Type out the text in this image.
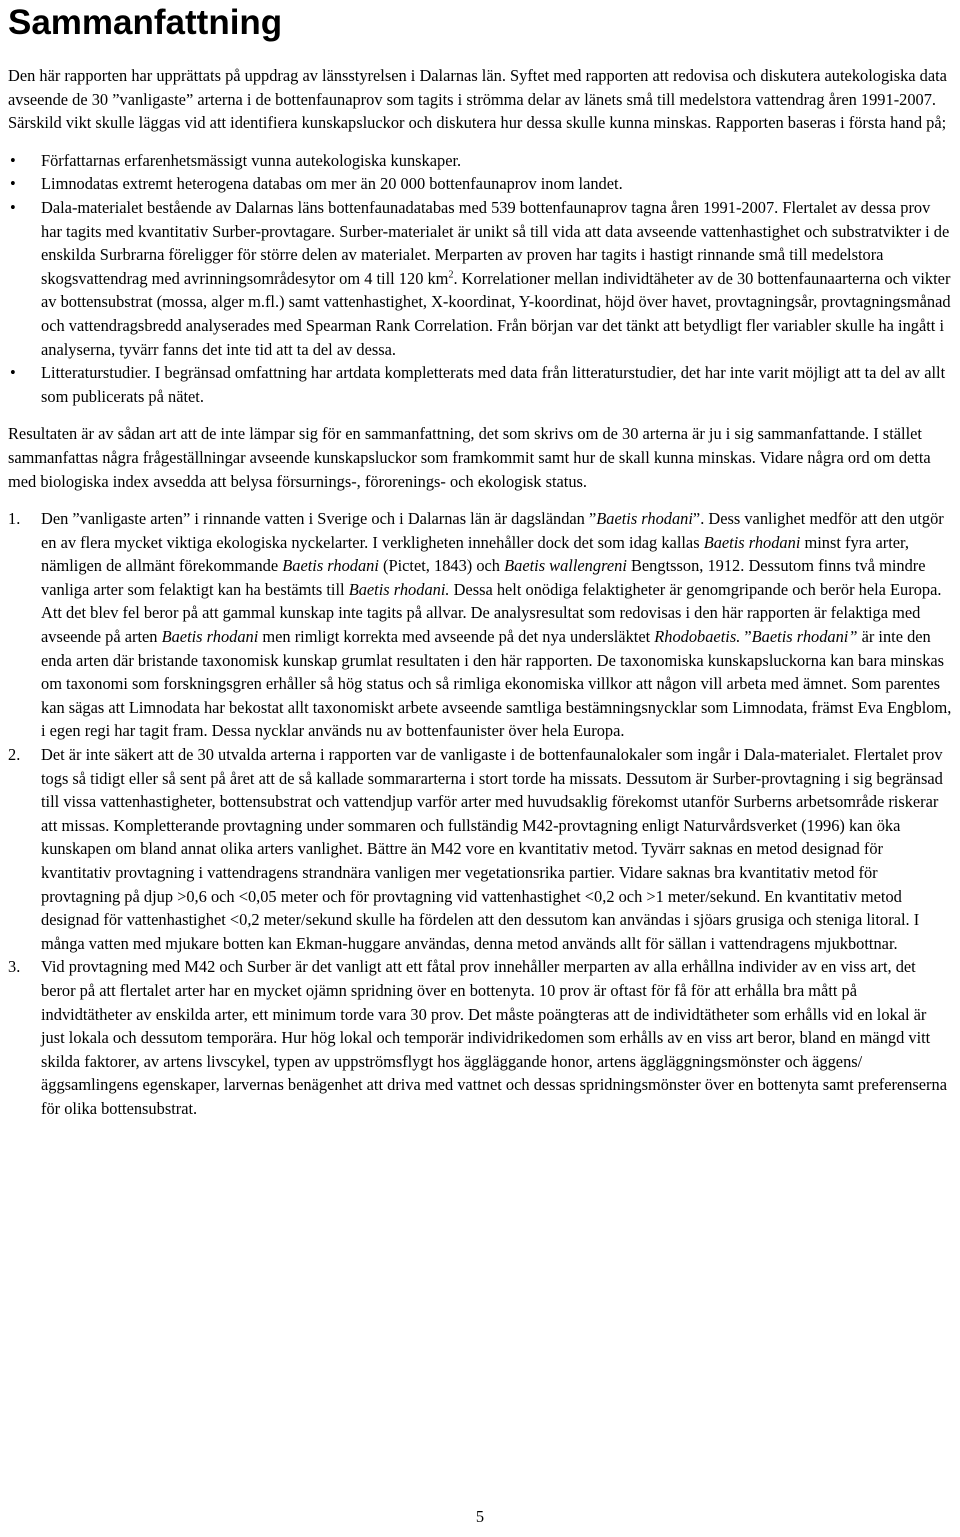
Sammanfattning

Den här rapporten har upprättats på uppdrag av länsstyrelsen i Dalarnas län. Syftet med rapporten att redovisa och diskutera autekologiska data avseende de 30 ”vanligaste” arterna i de bottenfaunaprov som tagits i strömma delar av länets små till medelstora vattendrag åren 1991-2007. Särskild vikt skulle läggas vid att identifiera kunskapsluckor och diskutera hur dessa skulle kunna minskas. Rapporten baseras i första hand på;

• Författarnas erfarenhetsmässigt vunna autekologiska kunskaper.
• Limnodatas extremt heterogena databas om mer än 20 000 bottenfaunaprov inom landet.
• Dala-materialet bestående av Dalarnas läns bottenfaunadatabas med 539 bottenfaunaprov tagna åren 1991-2007. Flertalet av dessa prov har tagits med kvantitativ Surber-provtagare. Surber-materialet är unikt så till vida att data avseende vattenhastighet och substratvikter i de enskilda Surbrarna föreligger för större delen av materialet. Merparten av proven har tagits i hastigt rinnande små till medelstora skogsvattendrag med avrinningsområdesytor om 4 till 120 $km^2$. Korrelationer mellan individtäheter av de 30 bottenfaunaarterna och vikter av bottensubstrat (mossa, alger m.fl.) samt vattenhastighet, X-koordinat, Y-koordinat, höjd över havet, provtagningsår, provtagningsmånad och vattendragsbredd analyserades med Spearman Rank Correlation. Från början var det tänkt att betydligt fler variabler skulle ha ingått i analyserna, tyvärr fanns det inte tid att ta del av dessa.
• Litteraturstudier. I begränsad omfattning har artdata kompletterats med data från litteraturstudier, det har inte varit möjligt att ta del av allt som publicerats på nätet.

Resultaten är av sådan art att de inte lämpar sig för en sammanfattning, det som skrivs om de 30 arterna är ju i sig sammanfattande. I stället sammanfattas några frågeställningar avseende kunskapsluckor som framkommit samt hur de skall kunna minskas. Vidare några ord om detta med biologiska index avsedda att belysa försurnings-, förorenings- och ekologisk status.

1. Den ”vanligaste arten” i rinnande vatten i Sverige och i Dalarnas län är dagsländan ”Baetis rhodani”. Dess vanlighet medför att den utgör en av flera mycket viktiga ekologiska nyckelarter. I verkligheten innehåller dock det som idag kallas Baetis rhodani minst fyra arter, nämligen de allmänt förekommande Baetis rhodani (Pictet, 1843) och Baetis wallengreni Bengtsson, 1912. Dessutom finns två mindre vanliga arter som felaktigt kan ha bestämts till Baetis rhodani. Dessa helt onödiga felaktigheter är genomgripande och berör hela Europa. Att det blev fel beror på att gammal kunskap inte tagits på allvar. De analysresultat som redovisas i den här rapporten är felaktiga med avseende på arten Baetis rhodani men rimligt korrekta med avseende på det nya undersläktet Rhodobaetis. ”Baetis rhodani” är inte den enda arten där bristande taxonomisk kunskap grumlat resultaten i den här rapporten. De taxonomiska kunskapsluckorna kan bara minskas om taxonomi som forskningsgren erhåller så hög status och så rimliga ekonomiska villkor att någon vill arbeta med ämnet. Som parentes kan sägas att Limnodata har bekostat allt taxonomiskt arbete avseende samtliga bestämningsnycklar som Limnodata, främst Eva Engblom, i egen regi har tagit fram. Dessa nycklar används nu av bottenfaunister över hela Europa.
2. Det är inte säkert att de 30 utvalda arterna i rapporten var de vanligaste i de bottenfaunalokaler som ingår i Dala-materialet. Flertalet prov togs så tidigt eller så sent på året att de så kallade sommararterna i stort torde ha missats. Dessutom är Surber-provtagning i sig begränsad till vissa vattenhastigheter, bottensubstrat och vattendjup varför arter med huvudsaklig förekomst utanför Surberns arbetsområde riskerar att missas. Kompletterande provtagning under sommaren och fullständig M42-provtagning enligt Naturvårdsverket (1996) kan öka kunskapen om bland annat olika arters vanlighet. Bättre än M42 vore en kvantitativ metod. Tyvärr saknas en metod designad för kvantitativ provtagning i vattendragens strandnära vanligen mer vegetationsrika partier. Vidare saknas bra kvantitativ metod för provtagning på djup >0,6 och <0,05 meter och för provtagning vid vattenhastighet <0,2 och >1 meter/sekund. En kvantitativ metod designad för vattenhastighet <0,2 meter/sekund skulle ha fördelen att den dessutom kan användas i sjöars grusiga och steniga litoral. I många vatten med mjukare botten kan Ekman-huggare användas, denna metod används allt för sällan i vattendragens mjukbottnar.
3. Vid provtagning med M42 och Surber är det vanligt att ett fåtal prov innehåller merparten av alla erhållna individer av en viss art, det beror på att flertalet arter har en mycket ojämn spridning över en bottenyta. 10 prov är oftast för få för att erhålla bra mått på indvidtätheter av enskilda arter, ett minimum torde vara 30 prov. Det måste poängteras att de individtätheter som erhålls vid en lokal är just lokala och dessutom temporära. Hur hög lokal och temporär individrikedomen som erhålls av en viss art beror, bland en mängd vitt skilda faktorer, av artens livscykel, typen av uppströmsflygt hos äggläggande honor, artens äggläggningsmönster och äggens/äggsamlingens egenskaper, larvernas benägenhet att driva med vattnet och dessas spridningsmönster över en bottenyta samt preferenserna för olika bottensubstrat.
5
